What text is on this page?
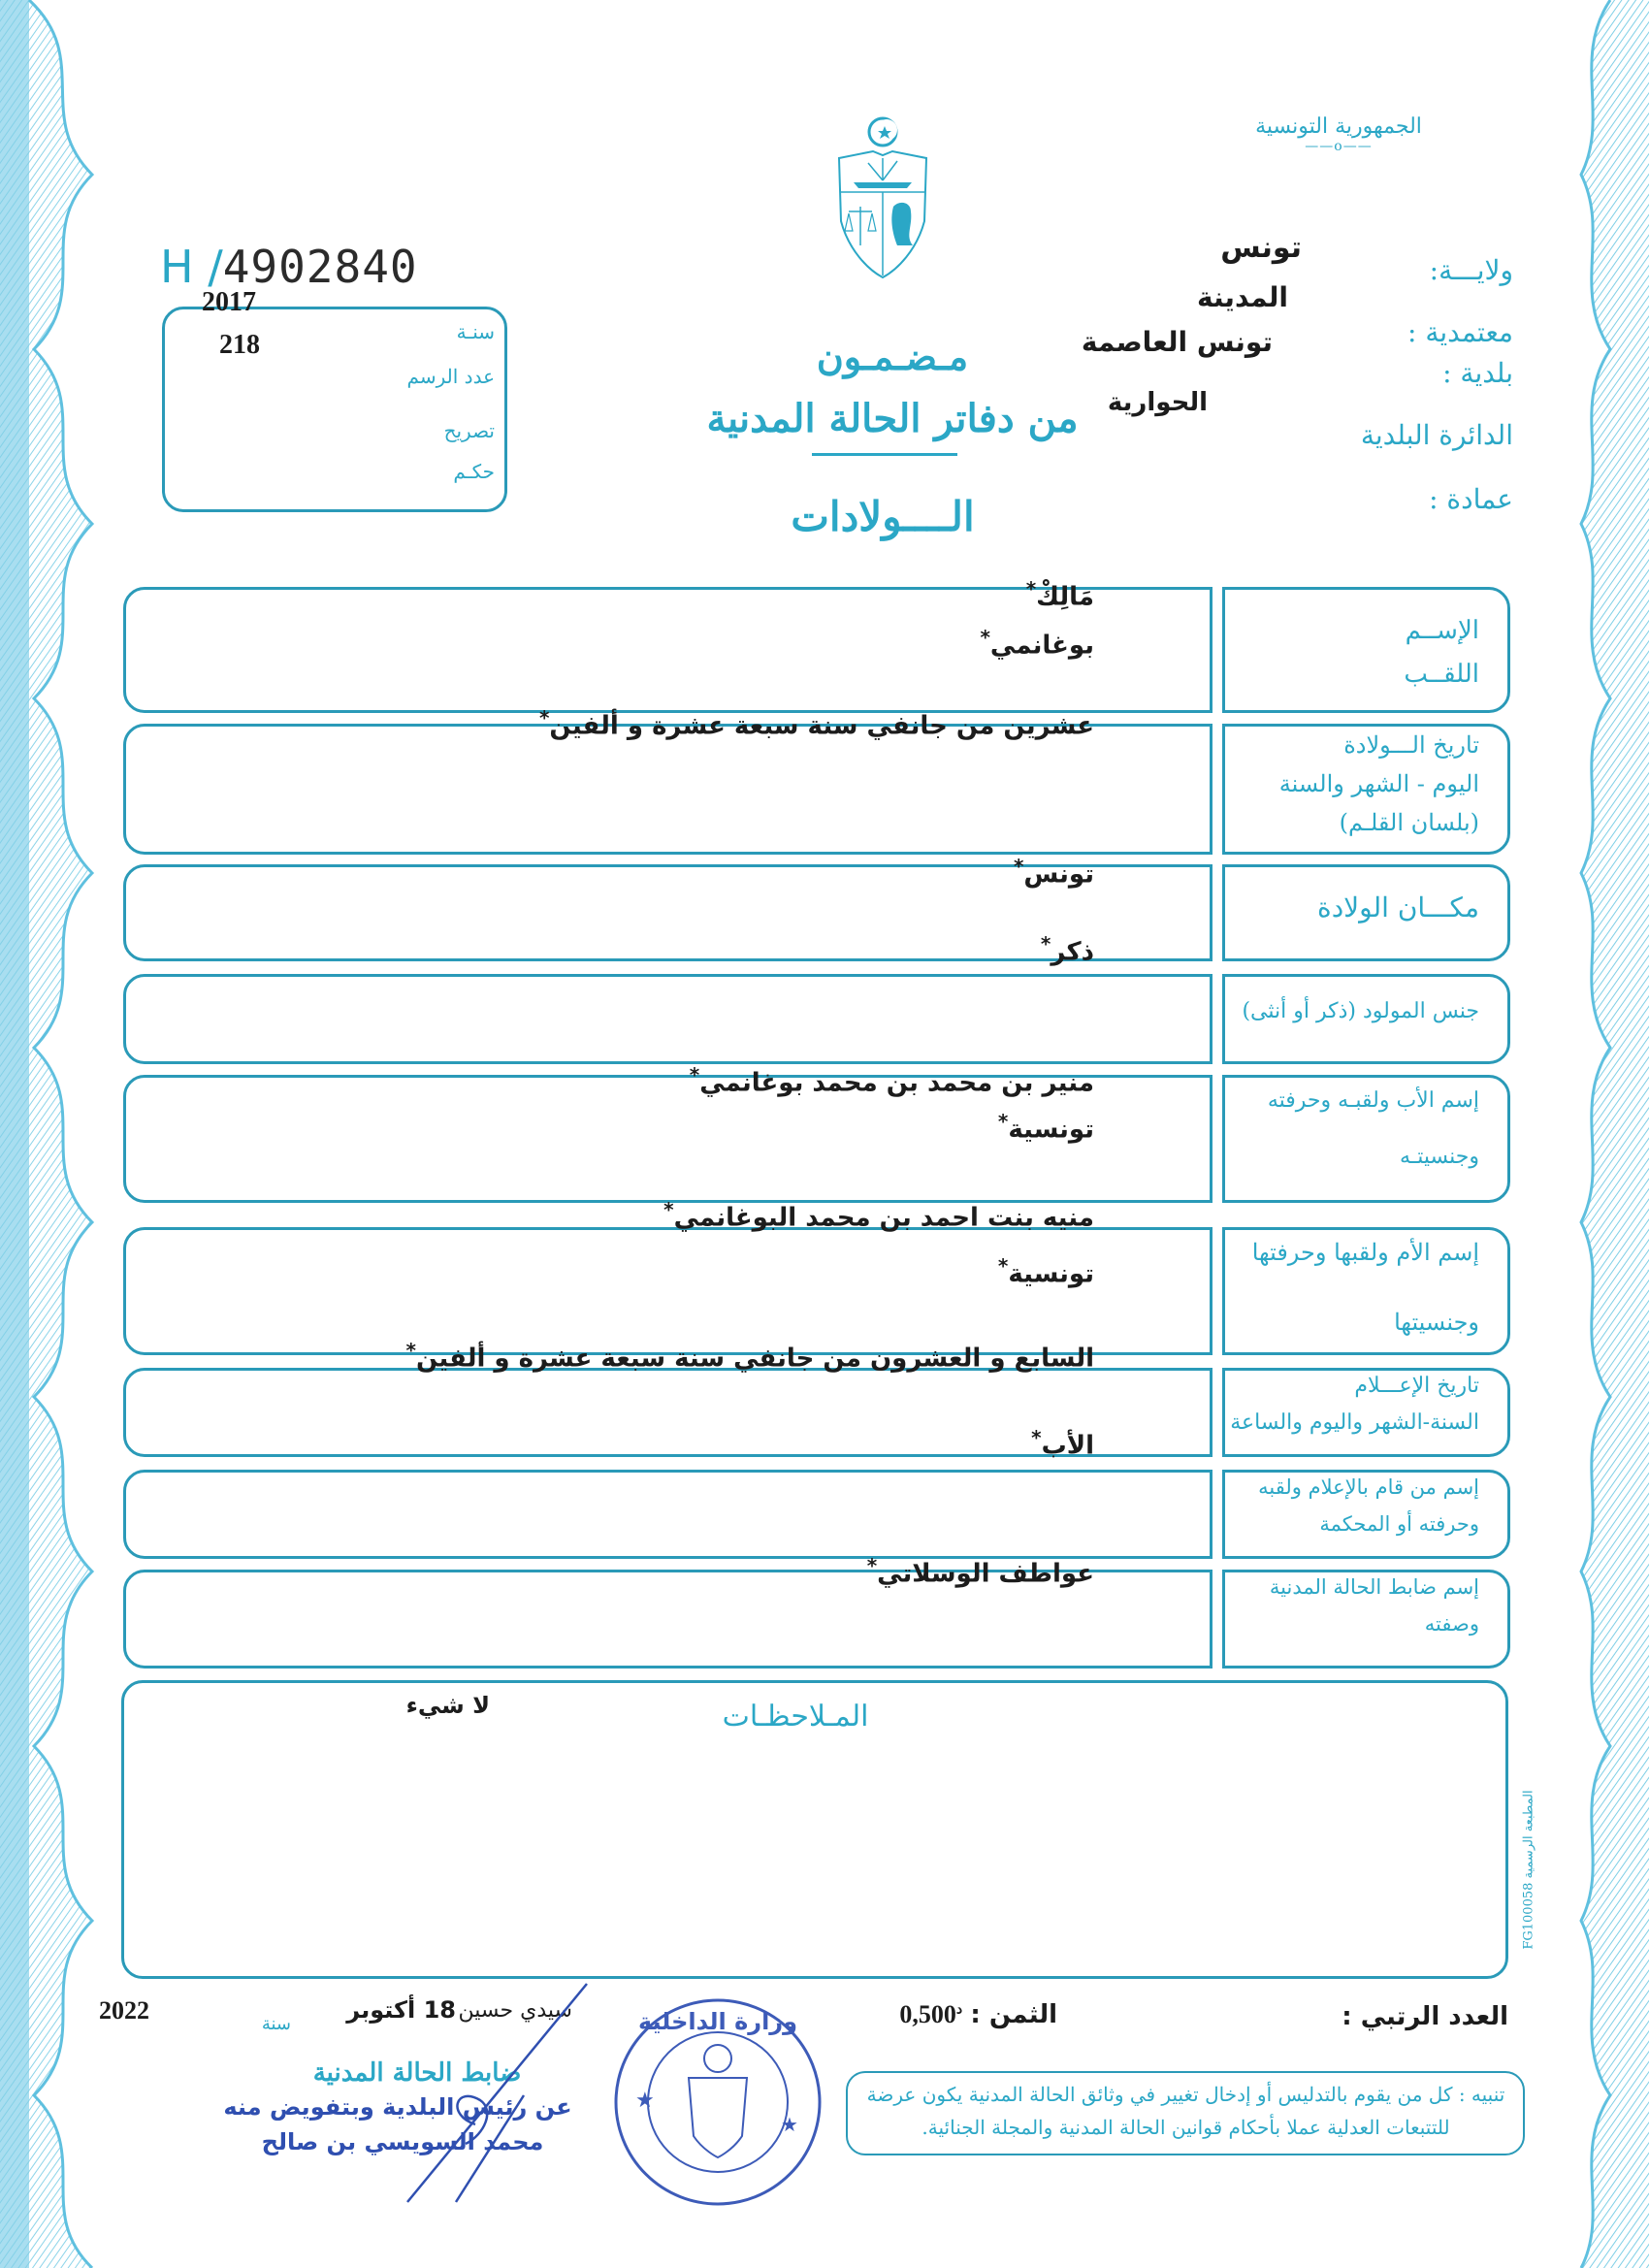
الجمهورية التونسية
——o——
ولايـــة:
تونس
المدينة
معتمدية :
تونس العاصمة
بلدية :
الحوارية
الدائرة البلدية
عمادة :
مـضـمـون
من دفاتر الحالة المدنية
الــــولادات
H /4902840
2017
218	سنـة
عدد الرسم
تصريح
حكـم
الإســم
اللقــب
مَالِكْ*
بوغانمي*
تاريخ الـــولادة
اليوم - الشهر والسنة
(بلسان القلـم)
عشرين من جانفي سنة سبعة عشرة و ألفين*
مكـــان الولادة
تونس*
ذكر*
جنس المولود (ذكر أو أنثى)
إسم الأب ولقبـه وحرفته
وجنسيتـه
منير بن محمد بن محمد بوغانمي*
تونسية*
إسم الأم ولقبها وحرفتها
وجنسيتها
منيه بنت احمد بن محمد البوغانمي*
تونسية*
تاريخ الإعـــلام
السنة-الشهر واليوم والساعة
السابع و العشرون من جانفي سنة سبعة عشرة و ألفين*
الأب*
إسم من قام بالإعلام ولقبه
وحرفته أو المحكمة
إسم ضابط الحالة المدنية
وصفته
عواطف الوسلاتي*
المـلاحظـات
لا شيء
المطبعة الرسمية FG100058
العدد الرتبي :
الثمن : $0,500^د$
2022	سنة
18 أكتوبر سيدي حسين
ضابط الحالة المدنية
عن رئيس البلدية وبتفويض منه
محمد السويسي بن صالح
★
★
وزارة الداخلية
تنبيه : كل من يقوم بالتدليس أو إدخال تغيير في وثائق الحالة المدنية يكون عرضة للتتبعات العدلية عملا بأحكام قوانين الحالة المدنية والمجلة الجنائية.
